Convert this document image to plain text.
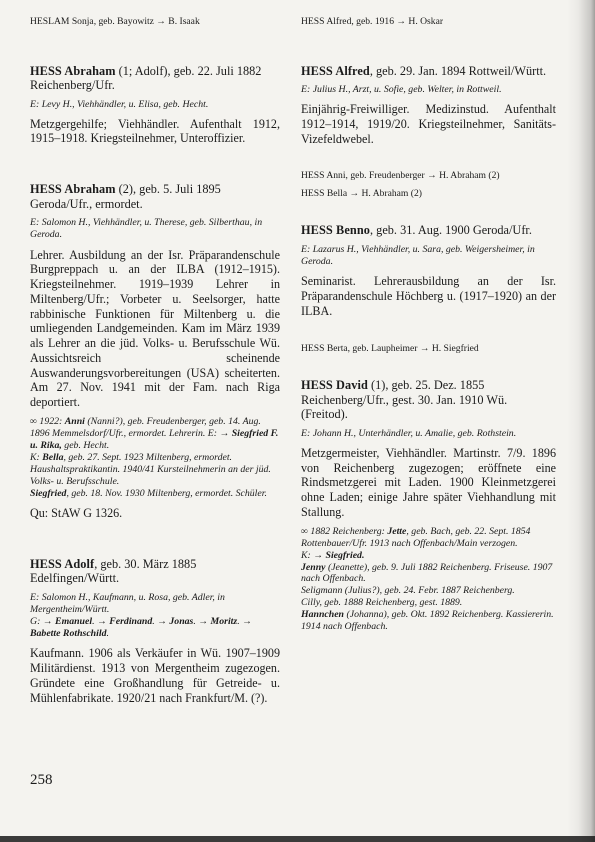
HESLAM Sonja, geb. Bayowitz → B. Isaak

HESS Abraham (1; Adolf), geb. 22. Juli 1882 Reichenberg/Ufr.

E: Levy H., Viehhändler, u. Elisa, geb. Hecht.

Metzgergehilfe; Viehhändler. Aufenthalt 1912, 1915–1918. Kriegsteilnehmer, Unteroffizier.

HESS Abraham (2), geb. 5. Juli 1895 Geroda/Ufr., ermordet.

E: Salomon H., Viehhändler, u. Therese, geb. Silberthau, in Geroda.

Lehrer. Ausbildung an der Isr. Präparandenschule Burgpreppach u. an der ILBA (1912–1915). Kriegsteilnehmer. 1919–1939 Lehrer in Miltenberg/Ufr.; Vorbeter u. Seelsorger, hatte rabbinische Funktionen für Miltenberg u. die umliegenden Landgemeinden. Kam im März 1939 als Lehrer an die jüd. Volks- u. Berufsschule Wü. Aussichtsreich scheinende Auswanderungsvorbereitungen (USA) scheiterten. Am 27. Nov. 1941 mit der Fam. nach Riga deportiert.

∞ 1922: Anni (Nanni?), geb. Freudenberger, geb. 14. Aug. 1896 Memmelsdorf/Ufr., ermordet. Lehrerin. E: → Siegfried F. u. Rika, geb. Hecht.
K: Bella, geb. 27. Sept. 1923 Miltenberg, ermordet. Haushaltspraktikantin. 1940/41 Kursteilnehmerin an der jüd. Volks- u. Berufsschule.
Siegfried, geb. 18. Nov. 1930 Miltenberg, ermordet. Schüler.

Qu: StAW G 1326.

HESS Adolf, geb. 30. März 1885 Edelfingen/Württ.

E: Salomon H., Kaufmann, u. Rosa, geb. Adler, in Mergentheim/Württ.
G: → Emanuel. → Ferdinand. → Jonas. → Moritz. → Babette Rothschild.

Kaufmann. 1906 als Verkäufer in Wü. 1907–1909 Militärdienst. 1913 von Mergentheim zugezogen. Gründete eine Großhandlung für Getreide- u. Mühlenfabrikate. 1920/21 nach Frankfurt/M. (?).

258

HESS Alfred, geb. 1916 → H. Oskar

HESS Alfred, geb. 29. Jan. 1894 Rottweil/Württ.

E: Julius H., Arzt, u. Sofie, geb. Welter, in Rottweil.

Einjährig-Freiwilliger. Medizinstud. Aufenthalt 1912–1914, 1919/20. Kriegsteilnehmer, Sanitäts-Vizefeldwebel.

HESS Anni, geb. Freudenberger → H. Abraham (2)

HESS Bella → H. Abraham (2)

HESS Benno, geb. 31. Aug. 1900 Geroda/Ufr.

E: Lazarus H., Viehhändler, u. Sara, geb. Weigersheimer, in Geroda.

Seminarist. Lehrerausbildung an der Isr. Präparandenschule Höchberg u. (1917–1920) an der ILBA.

HESS Berta, geb. Laupheimer → H. Siegfried

HESS David (1), geb. 25. Dez. 1855 Reichenberg/Ufr., gest. 30. Jan. 1910 Wü. (Freitod).

E: Johann H., Unterhändler, u. Amalie, geb. Rothstein.

Metzgermeister, Viehhändler. Martinstr. 7/9. 1896 von Reichenberg zugezogen; eröffnete eine Rindsmetzgerei mit Laden. 1900 Kleinmetzgerei ohne Laden; einige Jahre später Viehhandlung mit Stallung.

∞ 1882 Reichenberg: Jette, geb. Bach, geb. 22. Sept. 1854 Rottenbauer/Ufr. 1913 nach Offenbach/Main verzogen.
K: → Siegfried.
Jenny (Jeanette), geb. 9. Juli 1882 Reichenberg. Friseuse. 1907 nach Offenbach.
Seligmann (Julius?), geb. 24. Febr. 1887 Reichenberg.
Cilly, geb. 1888 Reichenberg, gest. 1889.
Hannchen (Johanna), geb. Okt. 1892 Reichenberg. Kassiererin. 1914 nach Offenbach.
